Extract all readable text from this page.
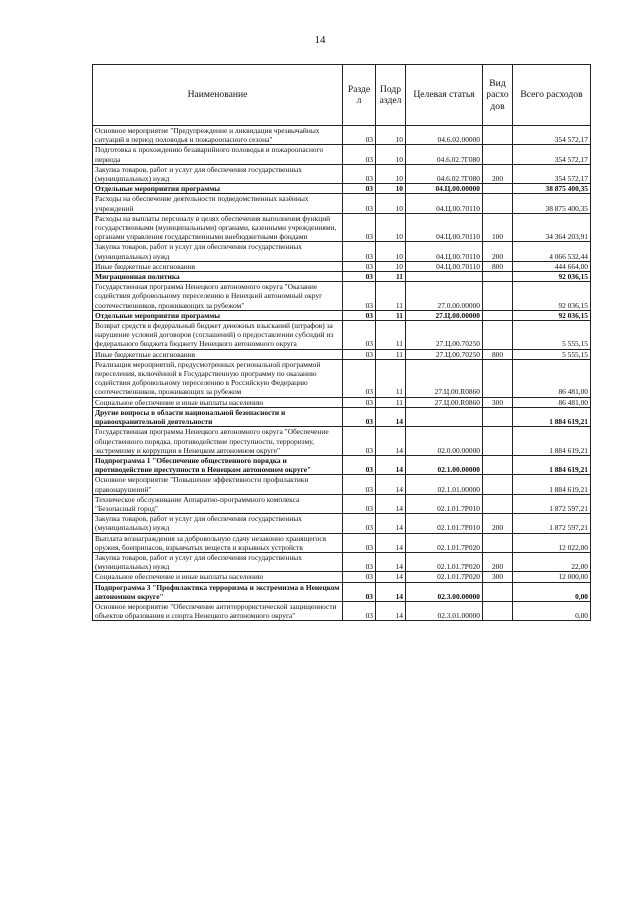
14
Наименование	Разде л	Подр аздел	Целевая статья	Вид расхо дов	Всего расходов
Основное мероприятие "Предупреждение и ликвидация чрезвычайных ситуаций в период половодья и пожароопасного сезона"	03	10	04.6.02.00000		354 572,17
Подготовка к прохождению безаварийного половодья и пожароопасного периода	03	10	04.6.02.7Г080		354 572,17
Закупка товаров, работ и услуг для обеспечения государственных (муниципальных) нужд	03	10	04.6.02.7Г080	200	354 572,17
Отдельные мероприятия программы	03	10	04.Ц.00.00000		38 875 400,35
Расходы на обеспечение деятельности подведомственных казённых учреждений	03	10	04.Ц.00.70110		38 875 400,35
Расходы на выплаты персоналу в целях обеспечения выполнения функций государственными (муниципальными) органами, казенными учреждениями, органами управления государственными внебюджетными фондами	03	10	04.Ц.00.70110	100	34 364 203,91
Закупка товаров, работ и услуг для обеспечения государственных (муниципальных) нужд	03	10	04.Ц.00.70110	200	4 066 532,44
Иные бюджетные ассигнования	03	10	04.Ц.00.70110	800	444 664,00
Миграционная политика	03	11			92 036,15
Государственная программа Ненецкого автономного округа "Оказание содействия добровольному переселению в Ненецкий автономный округ соотечественников, проживающих за рубежом"	03	11	27.0.00.00000		92 036,15
Отдельные мероприятия программы	03	11	27.Ц.00.00000		92 036,15
Возврат средств в федеральный бюджет денежных взысканий (штрафов) за нарушение условий договоров (соглашений) о предоставлении субсидий из федерального бюджета бюджету Ненецкого автономного округа	03	11	27.Ц.00.70250		5 555,15
Иные бюджетные ассигнования	03	11	27.Ц.00.70250	800	5 555,15
Реализация мероприятий, предусмотренных региональной программой переселения, включённой в Государственную программу по оказанию содействия добровольному переселению в Российскую Федерацию соотечественников, проживающих за рубежом	03	11	27.Ц.00.R0860		86 481,00
Социальное обеспечение и иные выплаты населению	03	11	27.Ц.00.R0860	300	86 481,00
Другие вопросы в области национальной безопасности и правоохранительной деятельности	03	14			1 884 619,21
Государственная программа Ненецкого автономного округа "Обеспечение общественного порядка, противодействие преступности, терроризму, экстремизму и коррупции в Ненецком автономном округе"	03	14	02.0.00.00000		1 884 619,21
Подпрограмма 1 "Обеспечение общественного порядка и противодействие преступности в Ненецком автономном округе"	03	14	02.1.00.00000		1 884 619,21
Основное мероприятие "Повышение эффективности профилактики правонарушений"	03	14	02.1.01.00000		1 884 619,21
Техническое обслуживание Аппаратно-программного комплекса "Безопасный город"	03	14	02.1.01.7Р010		1 872 597,21
Закупка товаров, работ и услуг для обеспечения государственных (муниципальных) нужд	03	14	02.1.01.7Р010	200	1 872 597,21
Выплата вознаграждения за добровольную сдачу незаконно хранящегося оружия, боеприпасов, взрывчатых веществ и взрывных устройств	03	14	02.1.01.7Р020		12 022,00
Закупка товаров, работ и услуг для обеспечения государственных (муниципальных) нужд	03	14	02.1.01.7Р020	200	22,00
Социальное обеспечение и иные выплаты населению	03	14	02.1.01.7Р020	300	12 000,00
Подпрограмма 3 "Профилактика терроризма и экстремизма в Ненецком автономном округе"	03	14	02.3.00.00000		0,00
Основное мероприятие "Обеспечение антитеррористической защищенности объектов образования и спорта Ненецкого автономного округа"	03	14	02.3.01.00000		0,00
